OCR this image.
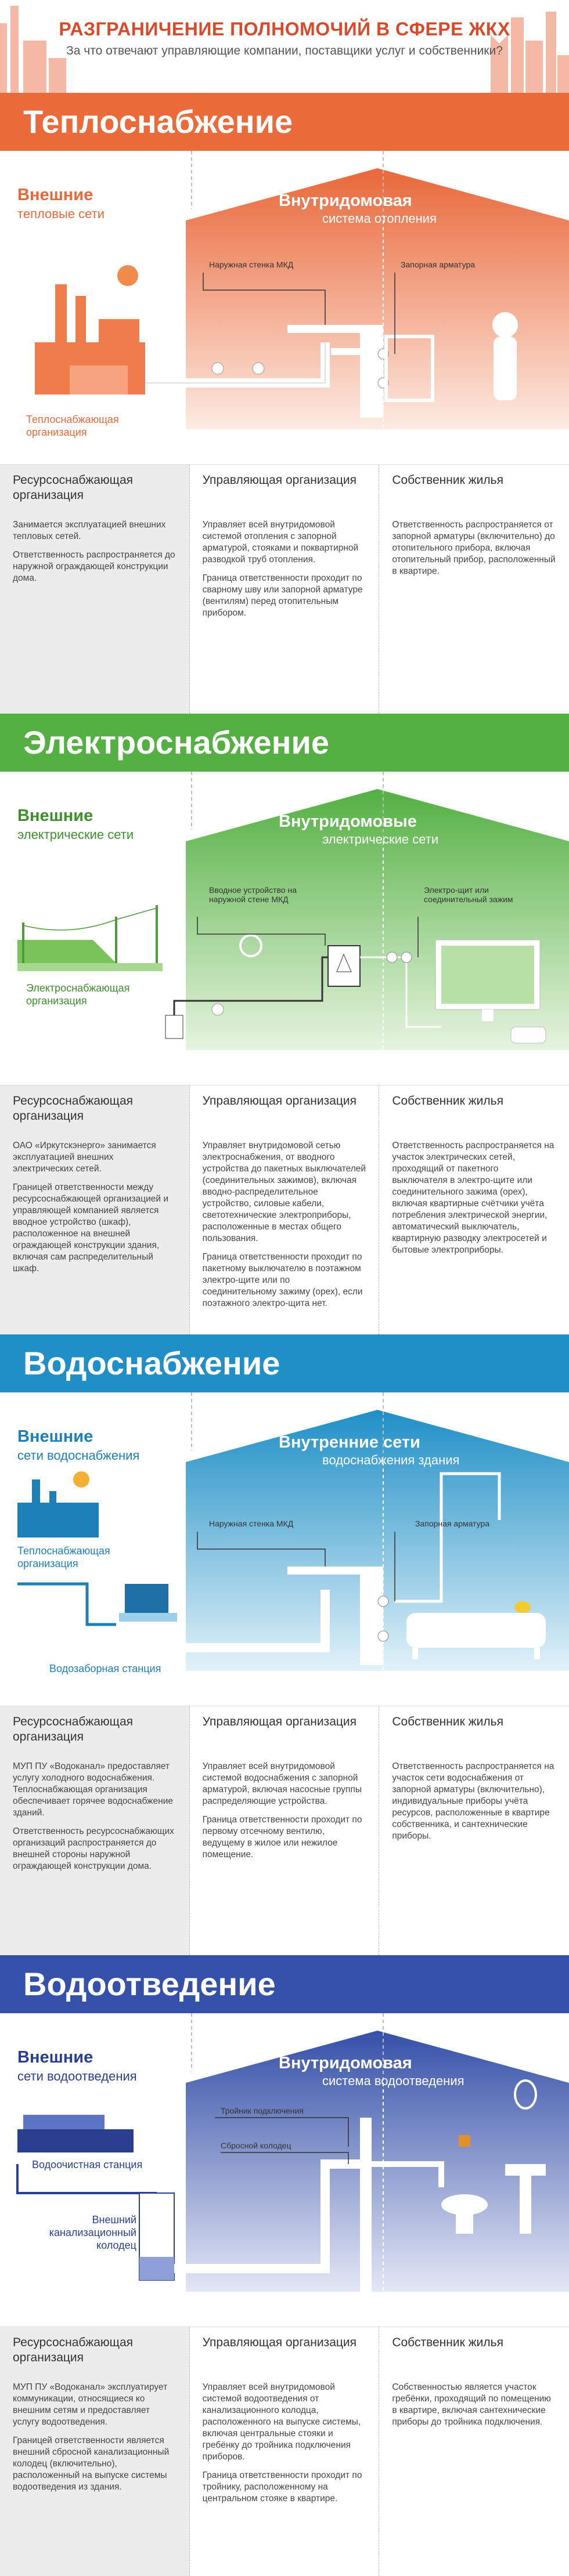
РАЗГРАНИЧЕНИЕ ПОЛНОМОЧИЙ В СФЕРЕ ЖКХ
За что отвечают управляющие компании, поставщики услуг и собственники?
Теплоснабжение
Внешние
тепловые сети
Внутридомовая
система отопления
Наружная стенка МКД	Запорная арматура
Теплоснабжающая организация
Ресурсоснабжающая организация

Занимается эксплуатацией внешних тепловых сетей.

Ответственность распространяется до наружной ограждающей конструкции дома.

Управляющая организация

Управляет всей внутридомовой системой отопления с запорной арматурой, стояками и поквартирной разводкой труб отопления.

Граница ответственности проходит по сварному шву или запорной арматуре (вентилям) перед отопительным прибором.

Собственник жилья

Ответственность распространяется от запорной арматуры (включительно) до отопительного прибора, включая отопительный прибор, расположенный в квартире.

Электроснабжение
Внешние
электрические сети
Внутридомовые
электрические сети
Вводное устройство на наружной стене МКД
Электро-щит или соединительный зажим
Электроснабжающая организация
Ресурсоснабжающая организация

ОАО «Иркутскэнерго» занимается эксплуатацией внешних электрических сетей.

Границей ответственности между ресурсоснабжающей организацией и управляющей компанией является вводное устройство (шкаф), расположенное на внешней ограждающей конструкции здания, включая сам распределительный шкаф.

Управляющая организация

Управляет внутридомовой сетью электроснабжения, от вводного устройства до пакетных выключателей (соединительных зажимов), включая вводно-распределительное устройство, силовые кабели, светотехнические электроприборы, расположенные в местах общего пользования.

Граница ответственности проходит по пакетному выключателю в поэтажном электро-щите или по соединительному зажиму (орех), если поэтажного электро-щита нет.

Собственник жилья

Ответственность распространяется на участок электрических сетей, проходящий от пакетного выключателя в электро-щите или соединительного зажима (орех), включая квартирные счётчики учёта потребления электрической энергии, автоматический выключатель, квартирную разводку электросетей и бытовые электроприборы.

Водоснабжение
Внешние
сети водоснабжения
Внутренние сети
водоснабжения здания
Наружная стенка МКД	Запорная арматура
Теплоснабжающая организация
Водозаборная станция
Ресурсоснабжающая организация

МУП ПУ «Водоканал» предоставляет услугу холодного водоснабжения. Теплоснабжающая организация обеспечивает горячее водоснабжение зданий.

Ответственность ресурсоснабжающих организаций распространяется до внешней стороны наружной ограждающей конструкции дома.

Управляющая организация

Управляет всей внутридомовой системой водоснабжения с запорной арматурой, включая насосные группы распределяющие устройства.

Граница ответственности проходит по первому отсечному вентилю, ведущему в жилое или нежилое помещение.

Собственник жилья

Ответственность распространяется на участок сети водоснабжения от запорной арматуры (включительно), индивидуальные приборы учёта ресурсов, расположенные в квартире собственника, и сантехнические приборы.

Водоотведение
Внешние
сети водоотведения
Внутридомовая
система водоотведения
Тройник подключения
Сбросной колодец
Водоочистная станция
Внешний канализационный колодец
Ресурсоснабжающая организация

МУП ПУ «Водоканал» эксплуатирует коммуникации, относящиеся ко внешним сетям и предоставляет услугу водоотведения.

Границей ответственности является внешний сбросной канализационный колодец (включительно), расположенный на выпуске системы водоотведения из здания.

Управляющая организация

Управляет всей внутридомовой системой водоотведения от канализационного колодца, расположенного на выпуске системы, включая центральные стояки и гребёнку до тройника подключения приборов.

Граница ответственности проходит по тройнику, расположенному на центральном стояке в квартире.

Собственник жилья

Собственностью является участок гребёнки, проходящий по помещению в квартире, включая сантехнические приборы до тройника подключения.
